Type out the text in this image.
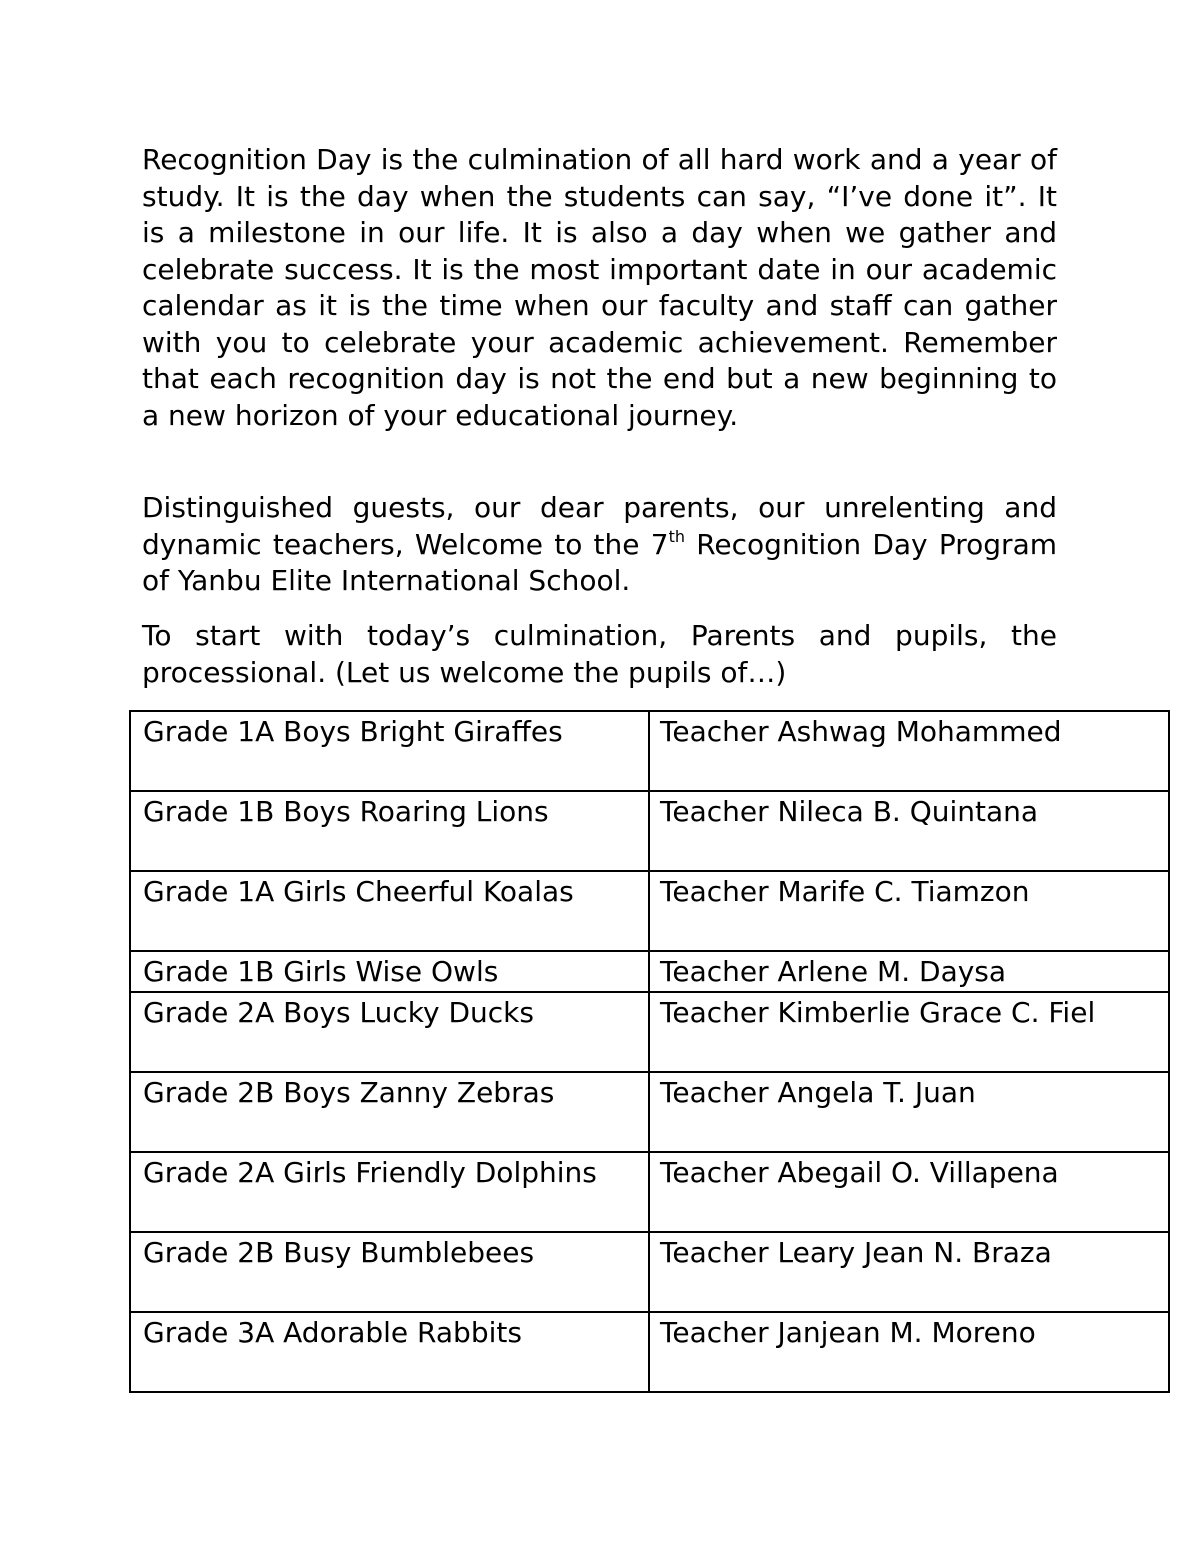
Recognition Day is the culmination of all hard work and a year of study. It is the day when the students can say, “I’ve done it”. It is a milestone in our life. It is also a day when we gather and celebrate success. It is the most important date in our academic calendar as it is the time when our faculty and staff can gather with you to celebrate your academic achievement. Remember that each recognition day is not the end but a new beginning to a new horizon of your educational journey.

Distinguished guests, our dear parents, our unrelenting and dynamic teachers, Welcome to the 7th Recognition Day Program of Yanbu Elite International School.

To start with today’s culmination, Parents and pupils, the processional. (Let us welcome the pupils of…)

Grade 1A Boys Bright Giraffes	Teacher Ashwag Mohammed
Grade 1B Boys Roaring Lions	Teacher Nileca B. Quintana
Grade 1A Girls Cheerful Koalas	Teacher Marife C. Tiamzon
Grade 1B Girls Wise Owls	Teacher Arlene M. Daysa
Grade 2A Boys Lucky Ducks	Teacher Kimberlie Grace C. Fiel
Grade 2B Boys Zanny Zebras	Teacher Angela T. Juan
Grade 2A Girls Friendly Dolphins	Teacher Abegail O. Villapena
Grade 2B Busy Bumblebees	Teacher Leary Jean N. Braza
Grade 3A Adorable Rabbits	Teacher Janjean M. Moreno
